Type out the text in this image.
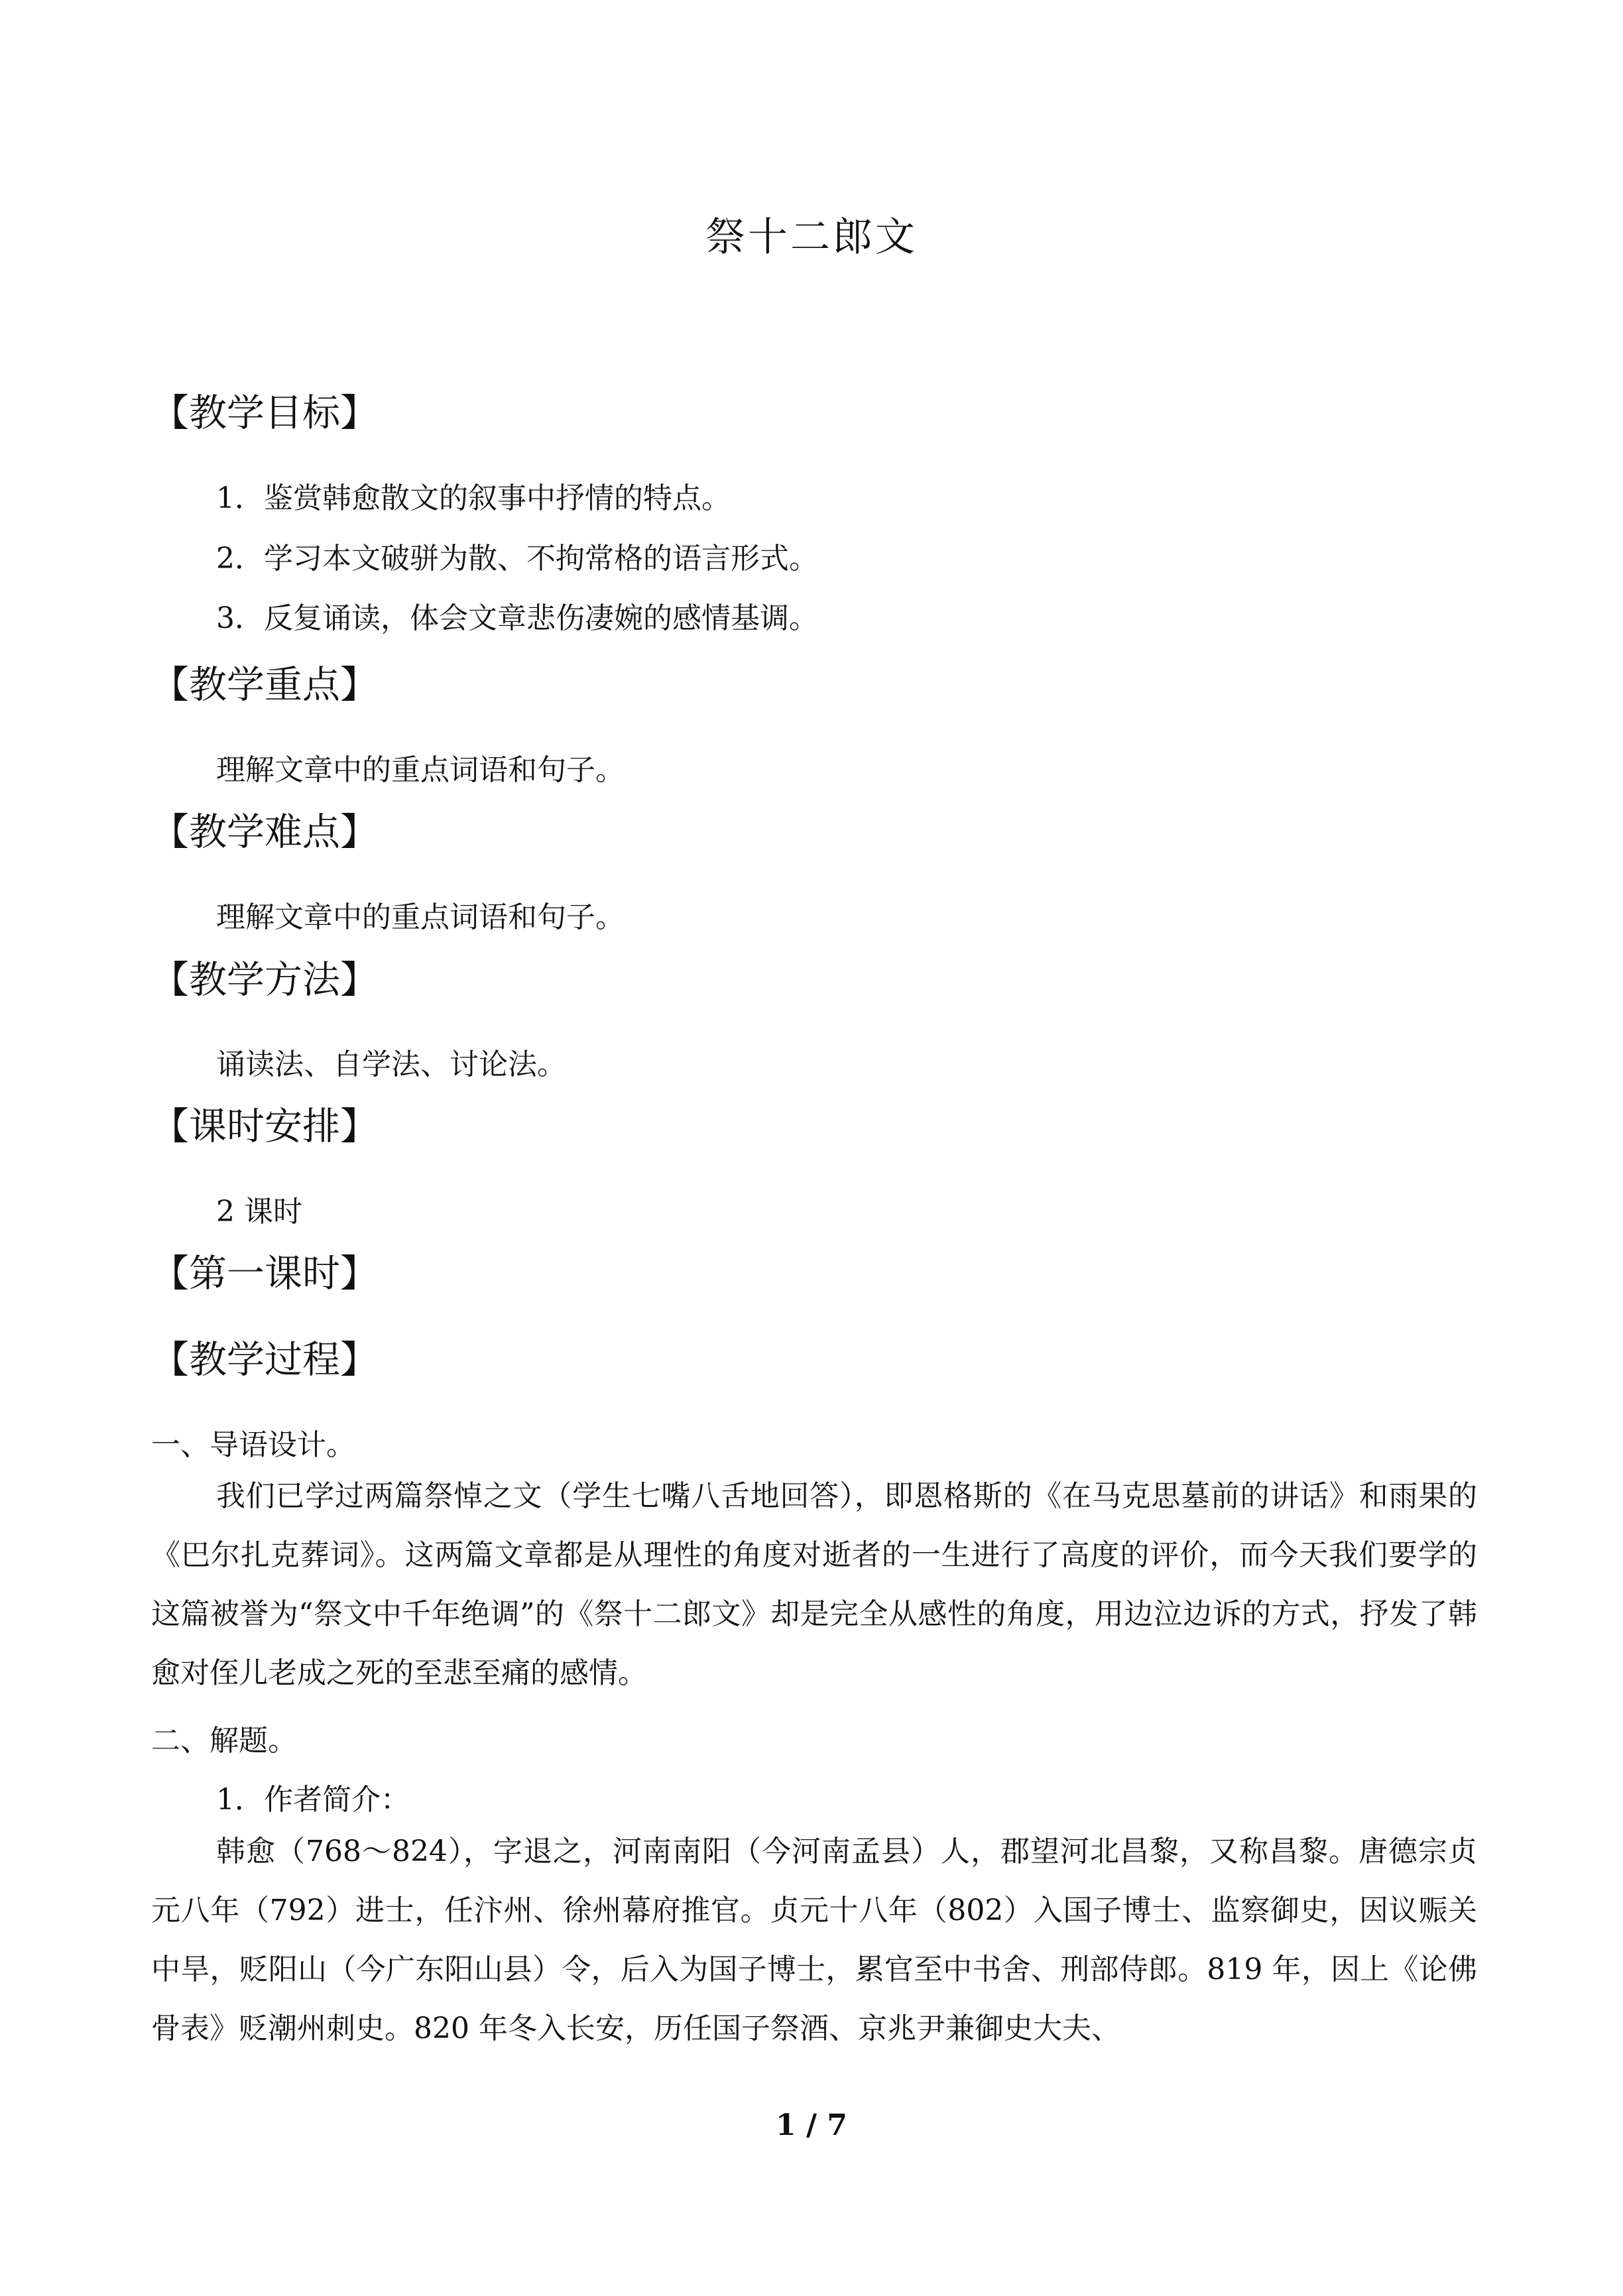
祭十二郎文
【教学目标】
1．鉴赏韩愈散文的叙事中抒情的特点。
2．学习本文破骈为散、不拘常格的语言形式。
3．反复诵读，体会文章悲伤凄婉的感情基调。
【教学重点】
理解文章中的重点词语和句子。
【教学难点】
理解文章中的重点词语和句子。
【教学方法】
诵读法、自学法、讨论法。
【课时安排】
2 课时
【第一课时】
【教学过程】
一、导语设计。
我们已学过两篇祭悼之文（学生七嘴八舌地回答），即恩格斯的《在马克思墓前的讲话》和雨果的《巴尔扎克葬词》。这两篇文章都是从理性的角度对逝者的一生进行了高度的评价，而今天我们要学的这篇被誉为“祭文中千年绝调”的《祭十二郎文》却是完全从感性的角度，用边泣边诉的方式，抒发了韩愈对侄儿老成之死的至悲至痛的感情。
二、解题。
1．作者简介：
韩愈（768～824），字退之，河南南阳（今河南孟县）人，郡望河北昌黎，又称昌黎。唐德宗贞元八年（792）进士，任汴州、徐州幕府推官。贞元十八年（802）入国子博士、监察御史，因议赈关中旱，贬阳山（今广东阳山县）令，后入为国子博士，累官至中书舍、刑部侍郎。819 年，因上《论佛骨表》贬潮州刺史。820 年冬入长安，历任国子祭酒、京兆尹兼御史大夫、
1 / 7
